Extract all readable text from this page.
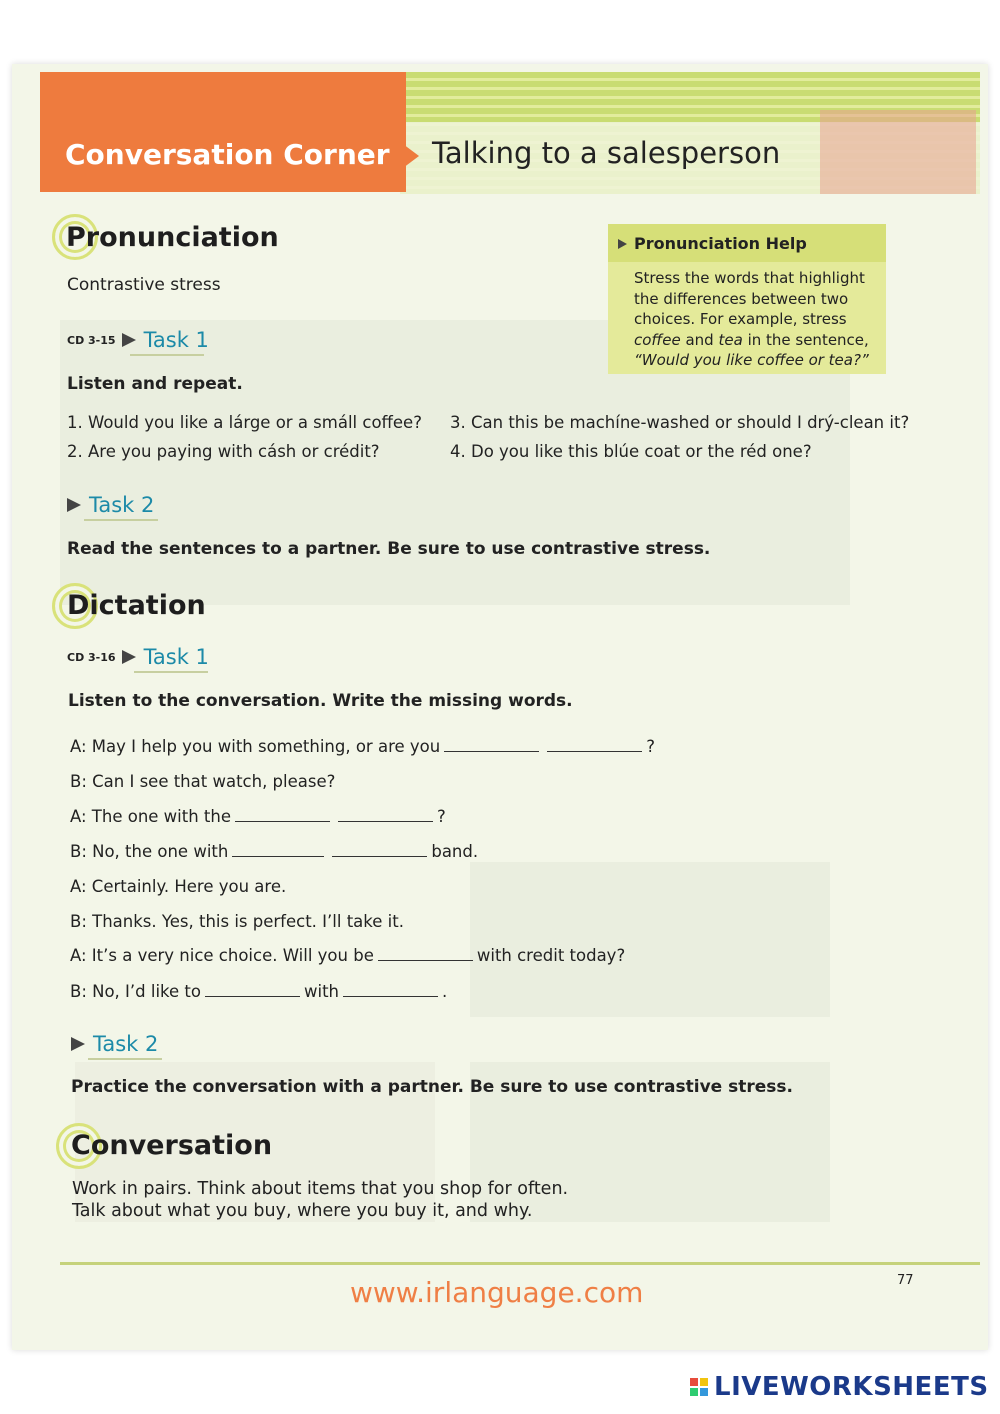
Conversation Corner Talking to a salesperson
Pronunciation
Contrastive stress
CD 3-15 Task 1
Listen and repeat.
1. Would you like a lárge or a smáll coffee?
2. Are you paying with cásh or crédit?
3. Can this be machíne-washed or should I drý-clean it?
4. Do you like this blúe coat or the réd one?
Task 2
Read the sentences to a partner. Be sure to use contrastive stress.
Pronunciation Help
Stress the words that highlight the differences between two choices. For example, stress coffee and tea in the sentence, “Would you like coffee or tea?”
Dictation
CD 3-16 Task 1
Listen to the conversation. Write the missing words.
A: May I help you with something, or are you	?
B: Can I see that watch, please?
A: The one with the	?
B: No, the one with	band.
A: Certainly. Here you are.
B: Thanks. Yes, this is perfect. I’ll take it.
A: It’s a very nice choice. Will you be	with credit today?
B: No, I’d like to	with	.
Task 2
Practice the conversation with a partner. Be sure to use contrastive stress.
Conversation
Work in pairs. Think about items that you shop for often.
Talk about what you buy, where you buy it, and why.
77
www.irlanguage.com
LIVEWORKSHEETS
